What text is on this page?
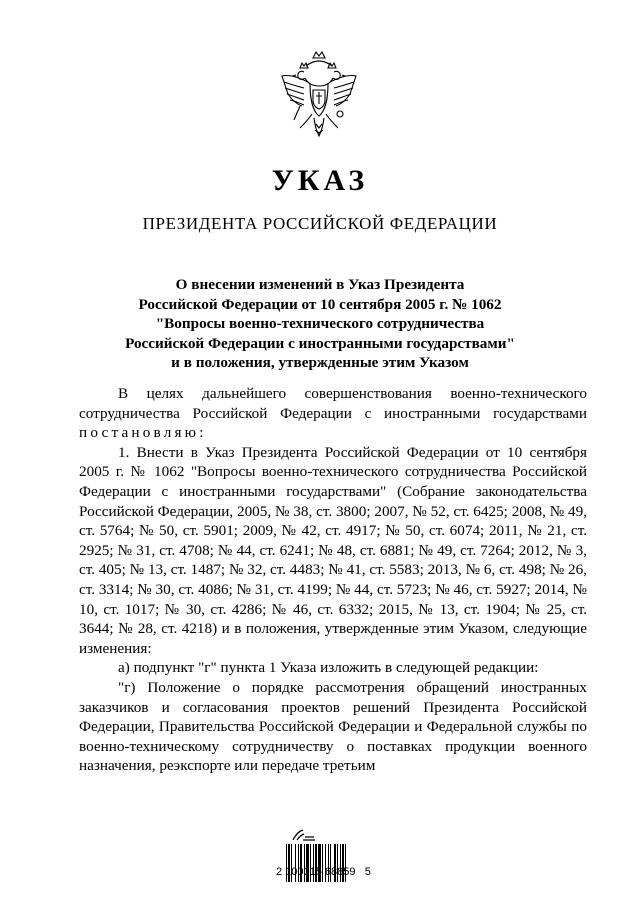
УКАЗ
ПРЕЗИДЕНТА РОССИЙСКОЙ ФЕДЕРАЦИИ
О внесении изменений в Указ Президента
Российской Федерации от 10 сентября 2005 г. № 1062
"Вопросы военно-технического сотрудничества
Российской Федерации с иностранными государствами"
и в положения, утвержденные этим Указом

В целях дальнейшего совершенствования военно-технического сотрудничества Российской Федерации с иностранными государствами постановляю:

1. Внести в Указ Президента Российской Федерации от 10 сентября 2005 г. № 1062 "Вопросы военно-технического сотрудничества Российской Федерации с иностранными государствами" (Собрание законодательства Российской Федерации, 2005, № 38, ст. 3800; 2007, № 52, ст. 6425; 2008, № 49, ст. 5764; № 50, ст. 5901; 2009, № 42, ст. 4917; № 50, ст. 6074; 2011, № 21, ст. 2925; № 31, ст. 4708; № 44, ст. 6241; № 48, ст. 6881; № 49, ст. 7264; 2012, № 3, ст. 405; № 13, ст. 1487; № 32, ст. 4483; № 41, ст. 5583; 2013, № 6, ст. 498; № 26, ст. 3314; № 30, ст. 4086; № 31, ст. 4199; № 44, ст. 5723; № 46, ст. 5927; 2014, № 10, ст. 1017; № 30, ст. 4286; № 46, ст. 6332; 2015, № 13, ст. 1904; № 25, ст. 3644; № 28, ст. 4218) и в положения, утвержденные этим Указом, следующие изменения:

а) подпункт "г" пункта 1 Указа изложить в следующей редакции:

"г) Положение о порядке рассмотрения обращений иностранных заказчиков и согласования проектов решений Президента Российской Федерации, Правительства Российской Федерации и Федеральной службы по военно-техническому сотрудничеству о поставках продукции военного назначения, реэкспорте или передаче третьим

2 100015 68859   5
